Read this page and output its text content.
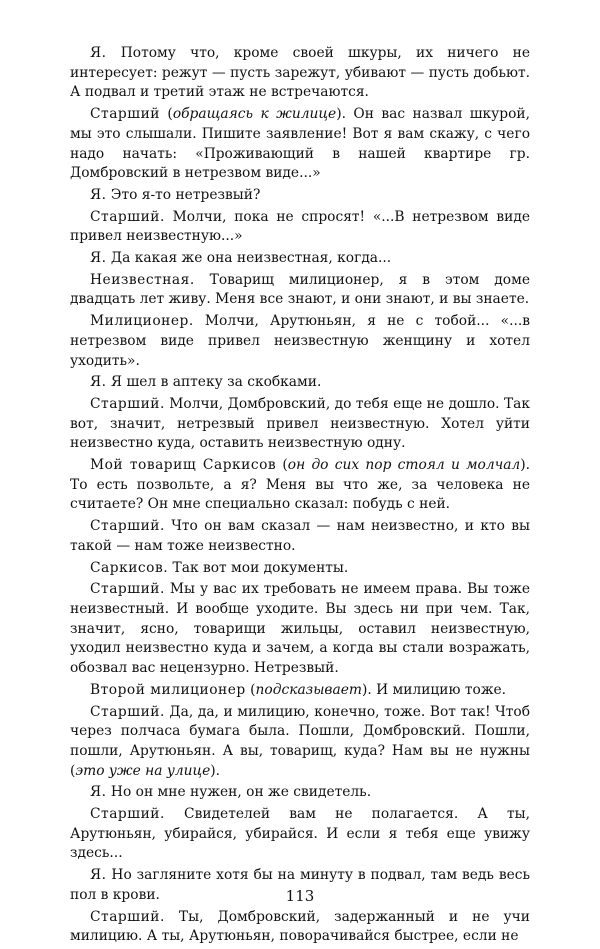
Я. Потому что, кроме своей шкуры, их ничего не интересует: режут — пусть зарежут, убивают — пусть добьют. А подвал и третий этаж не встречаются.

Старший (обращаясь к жилице). Он вас назвал шкурой, мы это слышали. Пишите заявление! Вот я вам скажу, с чего надо начать: «Проживающий в нашей квартире гр. Домбровский в нетрезвом виде...»

Я. Это я-то нетрезвый?

Старший. Молчи, пока не спросят! «...В нетрезвом виде привел неизвестную...»

Я. Да какая же она неизвестная, когда...

Неизвестная. Товарищ милиционер, я в этом доме двадцать лет живу. Меня все знают, и они знают, и вы знаете.

Милиционер. Молчи, Арутюньян, я не с тобой... «...в нетрезвом виде привел неизвестную женщину и хотел уходить».

Я. Я шел в аптеку за скобками.

Старший. Молчи, Домбровский, до тебя еще не дошло. Так вот, значит, нетрезвый привел неизвестную. Хотел уйти неизвестно куда, оставить неизвестную одну.

Мой товарищ Саркисов (он до сих пор стоял и молчал). То есть позвольте, а я? Меня вы что же, за человека не считаете? Он мне специально сказал: побудь с ней.

Старший. Что он вам сказал — нам неизвестно, и кто вы такой — нам тоже неизвестно.

Саркисов. Так вот мои документы.

Старший. Мы у вас их требовать не имеем права. Вы тоже неизвестный. И вообще уходите. Вы здесь ни при чем. Так, значит, ясно, товарищи жильцы, оставил неизвестную, уходил неизвестно куда и зачем, а когда вы стали возражать, обозвал вас нецензурно. Нетрезвый.

Второй милиционер (подсказывает). И милицию тоже.

Старший. Да, да, и милицию, конечно, тоже. Вот так! Чтоб через полчаса бумага была. Пошли, Домбровский. Пошли, пошли, Арутюньян. А вы, товарищ, куда? Нам вы не нужны (это уже на улице).

Я. Но он мне нужен, он же свидетель.

Старший. Свидетелей вам не полагается. А ты, Арутюньян, убирайся, убирайся. И если я тебя еще увижу здесь...

Я. Но загляните хотя бы на минуту в подвал, там ведь весь пол в крови.

Старший. Ты, Домбровский, задержанный и не учи милицию. А ты, Арутюньян, поворачивайся быстрее, если не

113
